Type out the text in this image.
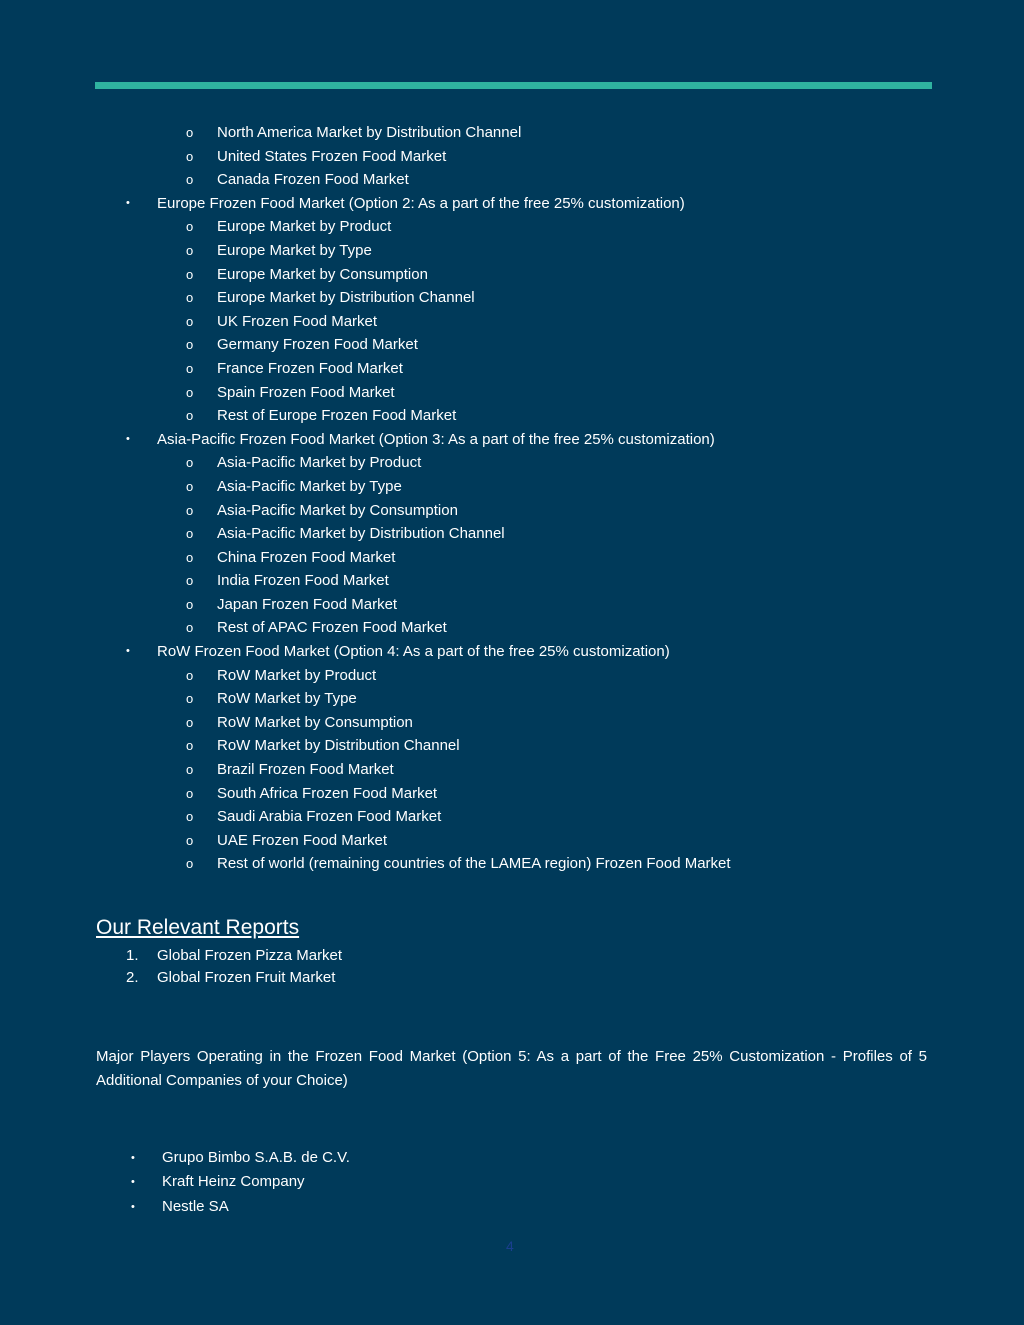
o North America Market by Distribution Channel
o United States Frozen Food Market
o Canada Frozen Food Market
• Europe Frozen Food Market (Option 2: As a part of the free 25% customization)
o Europe Market by Product
o Europe Market by Type
o Europe Market by Consumption
o Europe Market by Distribution Channel
o UK Frozen Food Market
o Germany Frozen Food Market
o France Frozen Food Market
o Spain Frozen Food Market
o Rest of Europe Frozen Food Market
• Asia-Pacific Frozen Food Market (Option 3: As a part of the free 25% customization)
o Asia-Pacific Market by Product
o Asia-Pacific Market by Type
o Asia-Pacific Market by Consumption
o Asia-Pacific Market by Distribution Channel
o China Frozen Food Market
o India Frozen Food Market
o Japan Frozen Food Market
o Rest of APAC Frozen Food Market
• RoW Frozen Food Market (Option 4: As a part of the free 25% customization)
o RoW Market by Product
o RoW Market by Type
o RoW Market by Consumption
o RoW Market by Distribution Channel
o Brazil Frozen Food Market
o South Africa Frozen Food Market
o Saudi Arabia Frozen Food Market
o UAE Frozen Food Market
o Rest of world (remaining countries of the LAMEA region) Frozen Food Market
Our Relevant Reports
1. Global Frozen Pizza Market
2. Global Frozen Fruit Market
Major Players Operating in the Frozen Food Market (Option 5: As a part of the Free 25% Customization - Profiles of 5 Additional Companies of your Choice)
• Grupo Bimbo S.A.B. de C.V.
• Kraft Heinz Company
• Nestle SA
4
